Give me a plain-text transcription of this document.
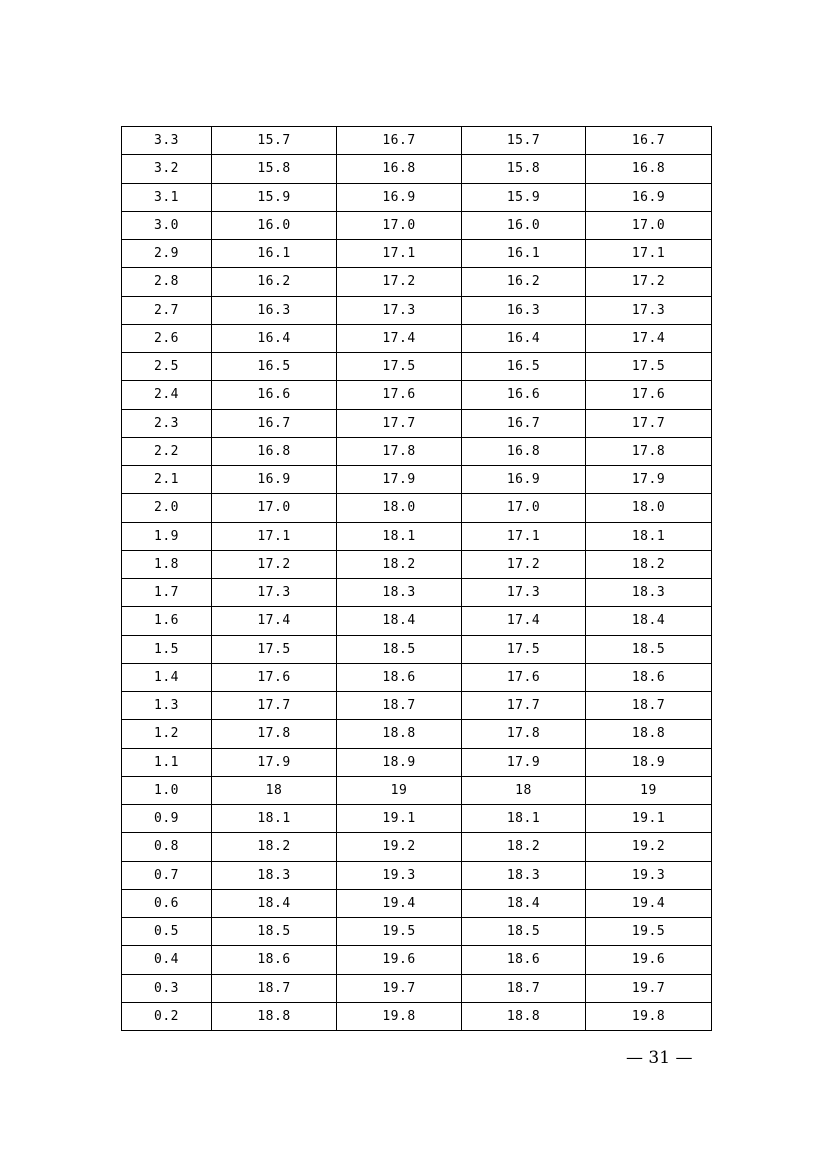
3.3	15.7	16.7	15.7	16.7
3.2	15.8	16.8	15.8	16.8
3.1	15.9	16.9	15.9	16.9
3.0	16.0	17.0	16.0	17.0
2.9	16.1	17.1	16.1	17.1
2.8	16.2	17.2	16.2	17.2
2.7	16.3	17.3	16.3	17.3
2.6	16.4	17.4	16.4	17.4
2.5	16.5	17.5	16.5	17.5
2.4	16.6	17.6	16.6	17.6
2.3	16.7	17.7	16.7	17.7
2.2	16.8	17.8	16.8	17.8
2.1	16.9	17.9	16.9	17.9
2.0	17.0	18.0	17.0	18.0
1.9	17.1	18.1	17.1	18.1
1.8	17.2	18.2	17.2	18.2
1.7	17.3	18.3	17.3	18.3
1.6	17.4	18.4	17.4	18.4
1.5	17.5	18.5	17.5	18.5
1.4	17.6	18.6	17.6	18.6
1.3	17.7	18.7	17.7	18.7
1.2	17.8	18.8	17.8	18.8
1.1	17.9	18.9	17.9	18.9
1.0	18	19	18	19
0.9	18.1	19.1	18.1	19.1
0.8	18.2	19.2	18.2	19.2
0.7	18.3	19.3	18.3	19.3
0.6	18.4	19.4	18.4	19.4
0.5	18.5	19.5	18.5	19.5
0.4	18.6	19.6	18.6	19.6
0.3	18.7	19.7	18.7	19.7
0.2	18.8	19.8	18.8	19.8
— 31 —
